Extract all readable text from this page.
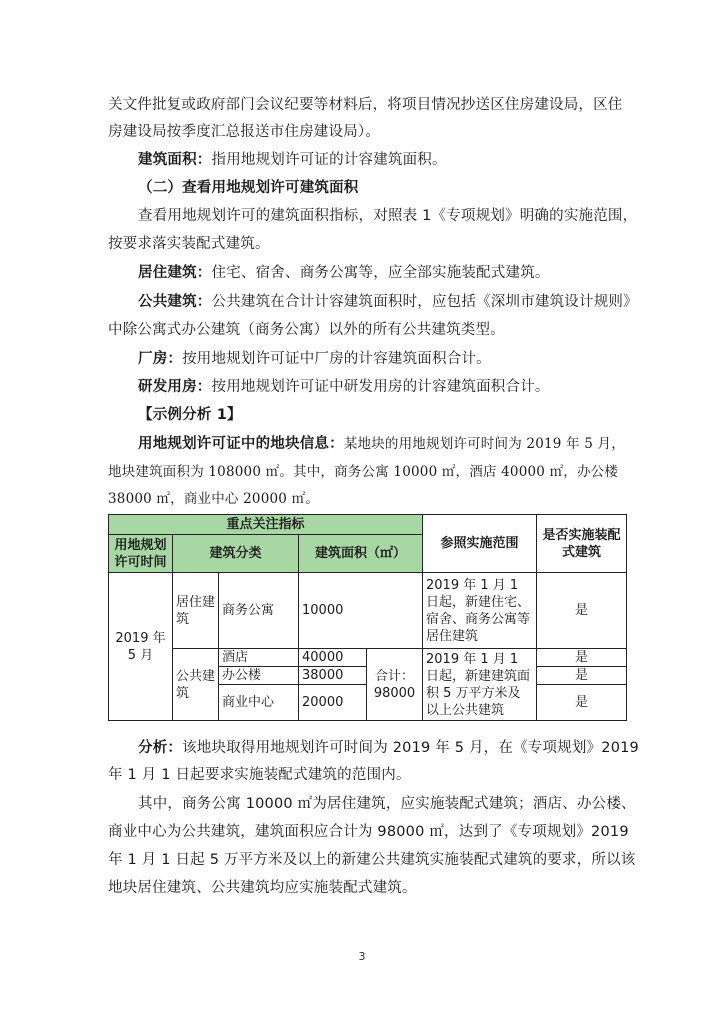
关文件批复或政府部门会议纪要等材料后，将项目情况抄送区住房建设局，区住
房建设局按季度汇总报送市住房建设局）。
建筑面积：指用地规划许可证的计容建筑面积。
（二）查看用地规划许可建筑面积
查看用地规划许可的建筑面积指标，对照表 1《专项规划》明确的实施范围，
按要求落实装配式建筑。
居住建筑：住宅、宿舍、商务公寓等，应全部实施装配式建筑。
公共建筑：公共建筑在合计计容建筑面积时，应包括《深圳市建筑设计规则》
中除公寓式办公建筑（商务公寓）以外的所有公共建筑类型。
厂房：按用地规划许可证中厂房的计容建筑面积合计。
研发用房：按用地规划许可证中研发用房的计容建筑面积合计。
【示例分析 1】
用地规划许可证中的地块信息：某地块的用地规划许可时间为 2019 年 5 月，
地块建筑面积为 108000 ㎡。其中，商务公寓 10000 ㎡，酒店 40000 ㎡，办公楼
38000 ㎡，商业中心 20000 ㎡。
重点关注指标					参照实施范围	是否实施装配式建筑
用地规划许可时间	建筑分类		建筑面积（㎡）			
2019 年 5 月	居住建筑	商务公寓	10000		2019 年 1 月 1 日起，新建住宅、宿舍、商务公寓等居住建筑	是
	公共建筑	酒店	40000	合计：98000	2019 年 1 月 1 日起，新建建筑面积 5 万平方米及以上公共建筑	是
		办公楼	38000			是
		商业中心	20000			是
分析：该地块取得用地规划许可时间为 2019 年 5 月，在《专项规划》2019
年 1 月 1 日起要求实施装配式建筑的范围内。
其中，商务公寓 10000 ㎡为居住建筑，应实施装配式建筑；酒店、办公楼、
商业中心为公共建筑，建筑面积应合计为 98000 ㎡，达到了《专项规划》2019
年 1 月 1 日起 5 万平方米及以上的新建公共建筑实施装配式建筑的要求，所以该
地块居住建筑、公共建筑均应实施装配式建筑。
3
